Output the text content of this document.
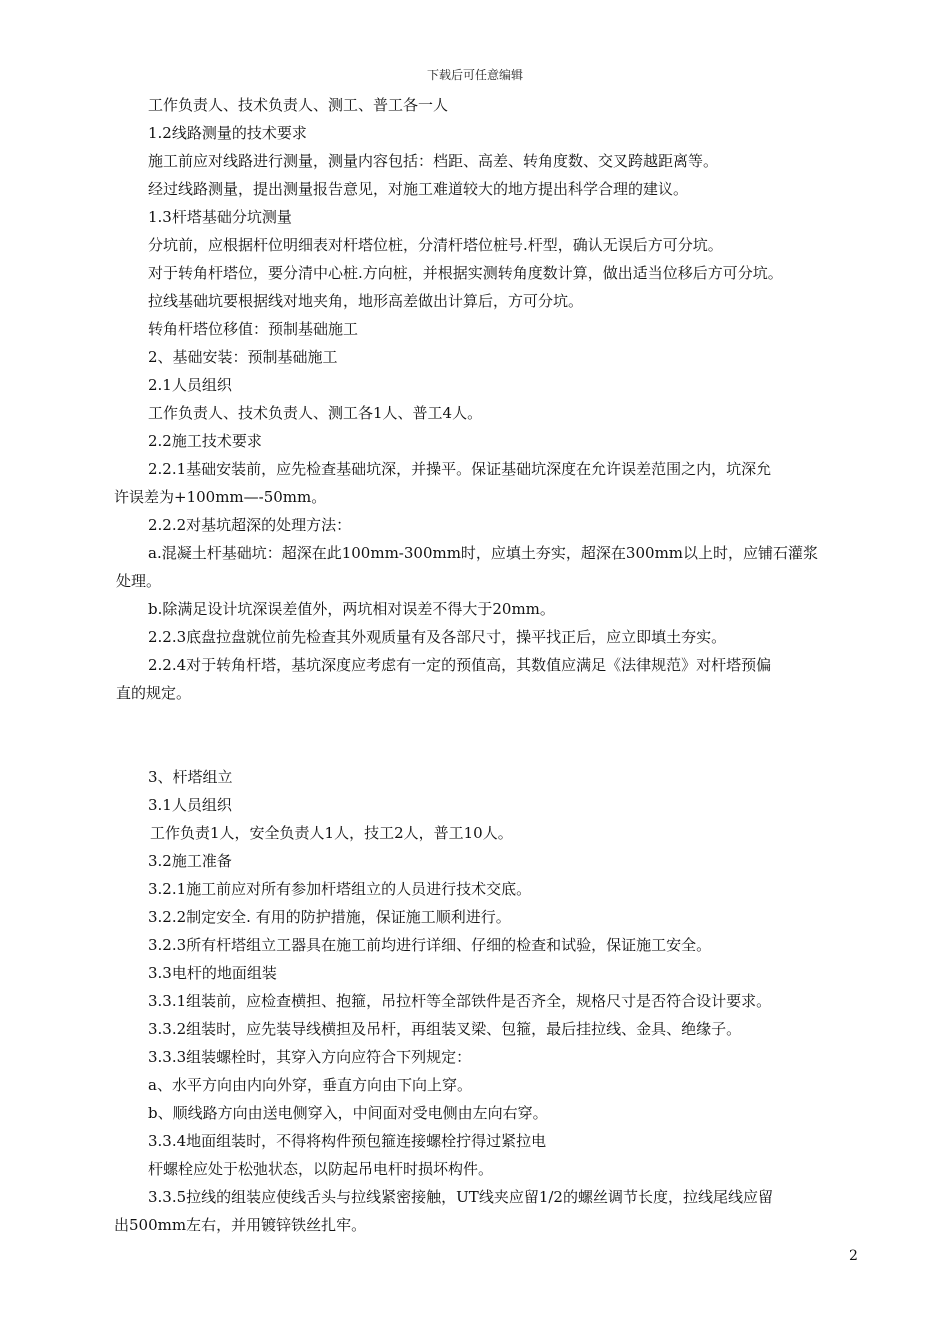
下载后可任意编辑
工作负责人、技术负责人、测工、普工各一人
1.2线路测量的技术要求
施工前应对线路进行测量，测量内容包括：档距、高差、转角度数、交叉跨越距离等。
经过线路测量，提出测量报告意见，对施工难道较大的地方提出科学合理的建议。
1.3杆塔基础分坑测量
分坑前，应根据杆位明细表对杆塔位桩，分清杆塔位桩号.杆型，确认无误后方可分坑。
对于转角杆塔位，要分清中心桩.方向桩，并根据实测转角度数计算，做出适当位移后方可分坑。
拉线基础坑要根据线对地夹角，地形高差做出计算后，方可分坑。
转角杆塔位移值：预制基础施工
2、基础安装：预制基础施工
2.1人员组织
工作负责人、技术负责人、测工各1人、普工4人。
2.2施工技术要求
2.2.1基础安装前，应先检查基础坑深，并操平。保证基础坑深度在允许误差范围之内，坑深允
许误差为+100mm—-50mm。
2.2.2对基坑超深的处理方法：
a.混凝土杆基础坑：超深在此100mm-300mm时，应填土夯实，超深在300mm以上时，应铺石灌浆
处理。
b.除满足设计坑深误差值外，两坑相对误差不得大于20mm。
2.2.3底盘拉盘就位前先检查其外观质量有及各部尺寸，操平找正后，应立即填土夯实。
2.2.4对于转角杆塔，基坑深度应考虑有一定的预值高，其数值应满足《法律规范》对杆塔预偏
直的规定。
3、杆塔组立
3.1人员组织
工作负责1人，安全负责人1人，技工2人，普工10人。
3.2施工准备
3.2.1施工前应对所有参加杆塔组立的人员进行技术交底。
3.2.2制定安全. 有用的防护措施，保证施工顺利进行。
3.2.3所有杆塔组立工器具在施工前均进行详细、仔细的检查和试验，保证施工安全。
3.3电杆的地面组装
3.3.1组装前，应检查横担、抱箍，吊拉杆等全部铁件是否齐全，规格尺寸是否符合设计要求。
3.3.2组装时，应先装导线横担及吊杆，再组装叉梁、包箍，最后挂拉线、金具、绝缘子。
3.3.3组装螺栓时，其穿入方向应符合下列规定：
a、水平方向由内向外穿，垂直方向由下向上穿。
b、顺线路方向由送电侧穿入，中间面对受电侧由左向右穿。
3.3.4地面组装时，不得将构件预包箍连接螺栓拧得过紧拉电
杆螺栓应处于松弛状态，以防起吊电杆时损坏构件。
3.3.5拉线的组装应使线舌头与拉线紧密接触，UT线夹应留1/2的螺丝调节长度，拉线尾线应留
出500mm左右，并用镀锌铁丝扎牢。
2
